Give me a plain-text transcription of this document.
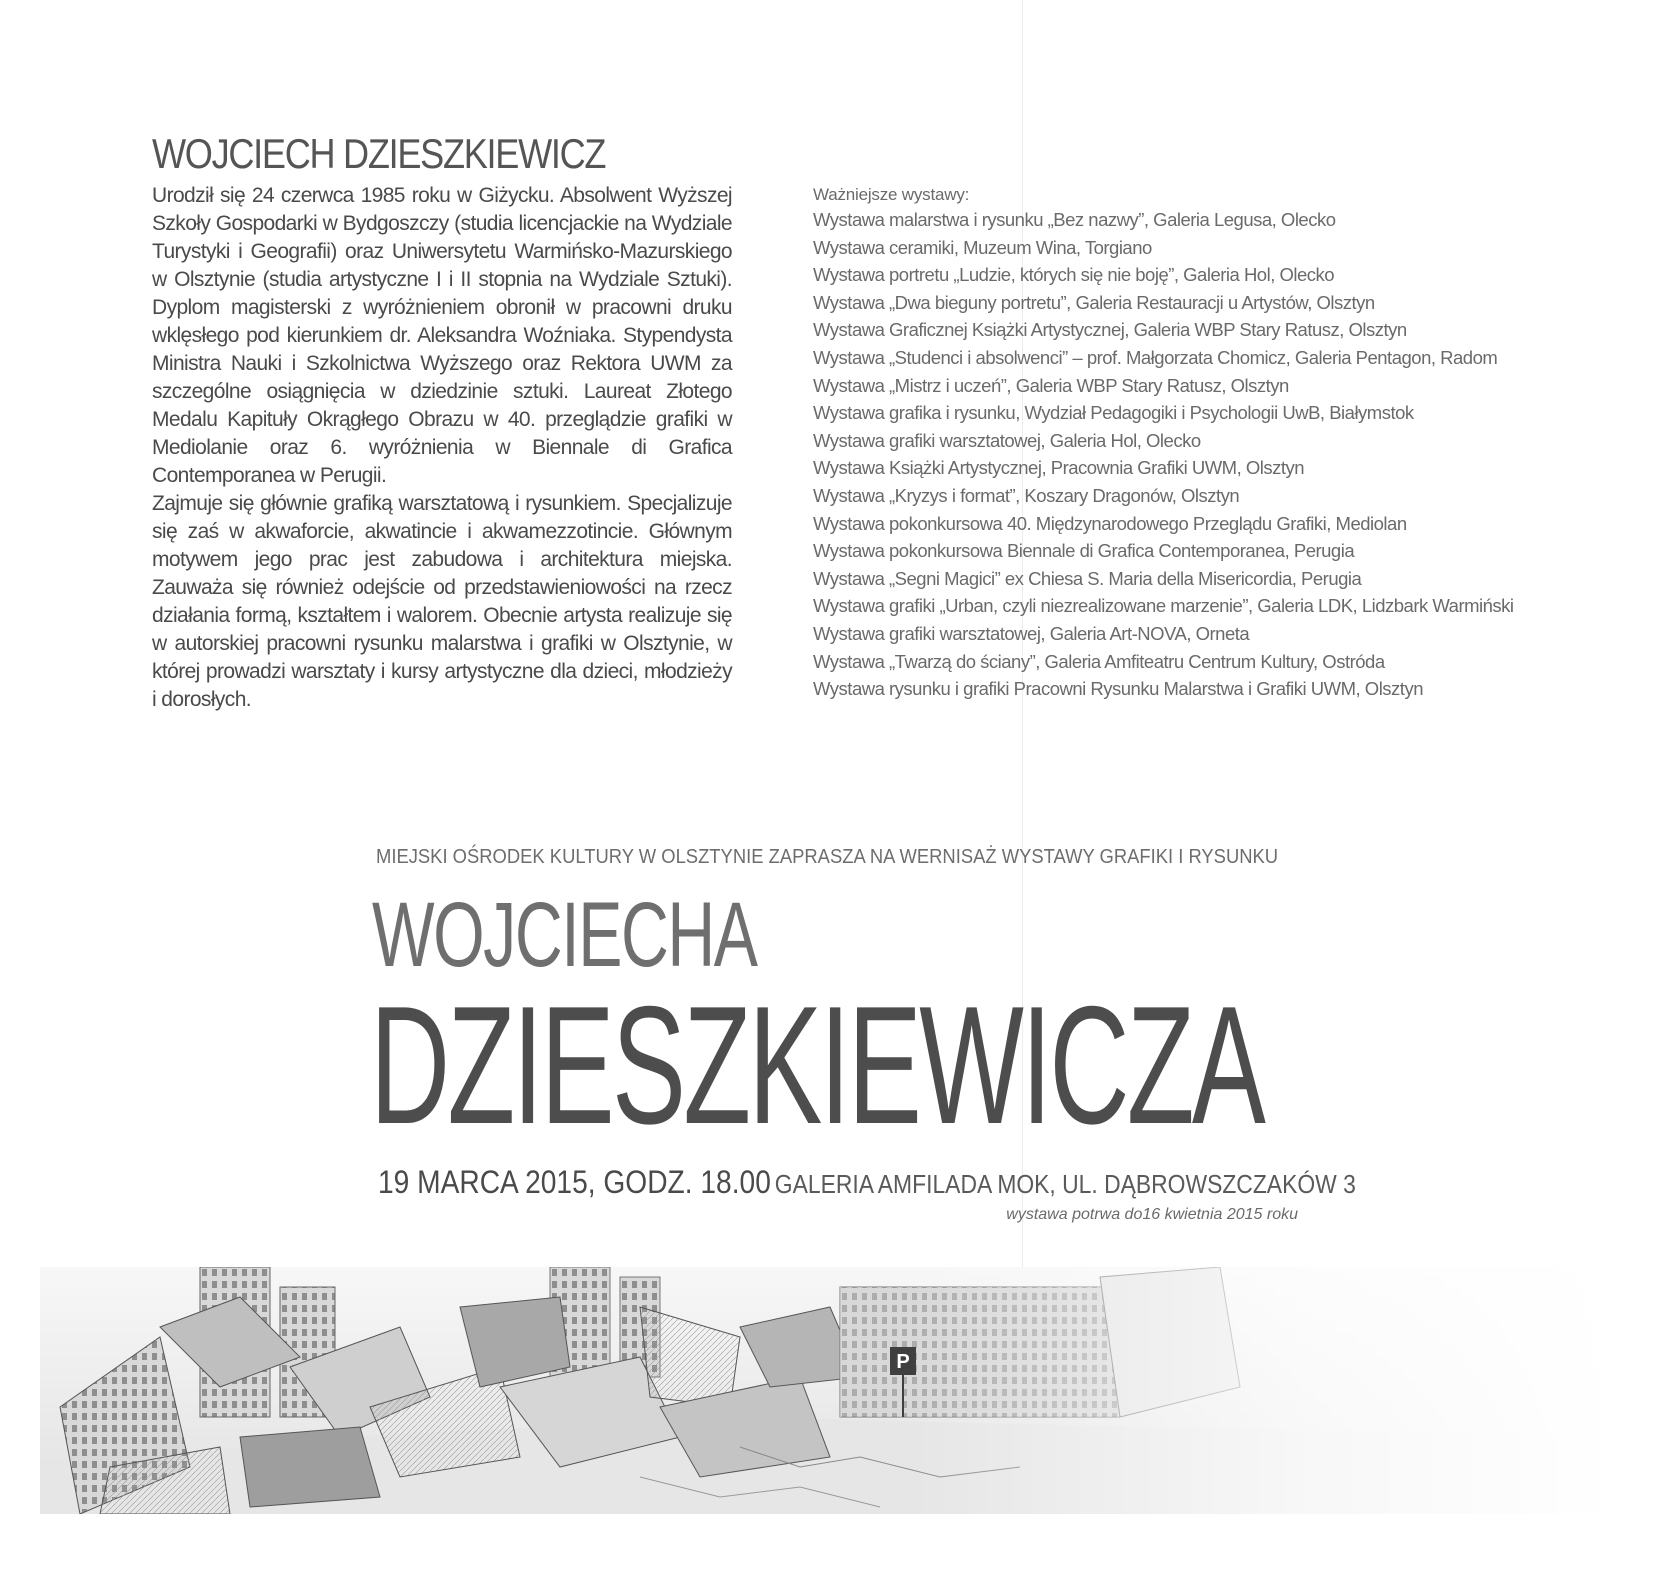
WOJCIECH DZIESZKIEWICZ

Urodził się 24 czerwca 1985 roku w Giżycku. Absolwent Wyższej Szkoły Gospodarki w Bydgoszczy (studia licencjackie na Wydziale Turystyki i Geografii) oraz Uniwersytetu Warmińsko-Mazurskiego w Olsztynie (studia artystyczne I i II stopnia na Wydziale Sztuki). Dyplom magisterski z wyróżnieniem obronił w pracowni druku wklęsłego pod kierunkiem dr. Aleksandra Woźniaka. Stypendysta Ministra Nauki i Szkolnictwa Wyższego oraz Rektora UWM za szczególne osiągnięcia w dziedzinie sztuki. Laureat Złotego Medalu Kapituły Okrągłego Obrazu w 40. przeglądzie grafiki w Mediolanie oraz 6. wyróżnienia w Biennale di Grafica Contemporanea w Perugii.

Zajmuje się głównie grafiką warsztatową i rysunkiem. Specjalizuje się zaś w akwaforcie, akwatincie i akwamezzotincie. Głównym motywem jego prac jest zabudowa i architektura miejska. Zauważa się również odejście od przedstawieniowości na rzecz działania formą, kształtem i walorem. Obecnie artysta realizuje się w autorskiej pracowni rysunku malarstwa i grafiki w Olsztynie, w której prowadzi warsztaty i kursy artystyczne dla dzieci, młodzieży i dorosłych.

Ważniejsze wystawy:
Wystawa malarstwa i rysunku „Bez nazwy”, Galeria Legusa, Olecko
Wystawa ceramiki, Muzeum Wina, Torgiano
Wystawa portretu „Ludzie, których się nie boję”, Galeria Hol, Olecko
Wystawa „Dwa bieguny portretu”, Galeria Restauracji u Artystów, Olsztyn
Wystawa Graficznej Książki Artystycznej, Galeria WBP Stary Ratusz, Olsztyn
Wystawa „Studenci i absolwenci” – prof. Małgorzata Chomicz, Galeria Pentagon, Radom
Wystawa „Mistrz i uczeń”, Galeria WBP Stary Ratusz, Olsztyn
Wystawa grafika i rysunku, Wydział Pedagogiki i Psychologii UwB, Białymstok
Wystawa grafiki warsztatowej, Galeria Hol, Olecko
Wystawa Książki Artystycznej, Pracownia Grafiki UWM, Olsztyn
Wystawa „Kryzys i format”, Koszary Dragonów, Olsztyn
Wystawa pokonkursowa 40. Międzynarodowego Przeglądu Grafiki, Mediolan
Wystawa pokonkursowa Biennale di Grafica Contemporanea, Perugia
Wystawa „Segni Magici” ex Chiesa S. Maria della Misericordia, Perugia
Wystawa grafiki „Urban, czyli niezrealizowane marzenie”, Galeria LDK, Lidzbark Warmiński
Wystawa grafiki warsztatowej, Galeria Art-NOVA, Orneta
Wystawa „Twarzą do ściany”, Galeria Amfiteatru Centrum Kultury, Ostróda
Wystawa rysunku i grafiki Pracowni Rysunku Malarstwa i Grafiki UWM, Olsztyn
MIEJSKI OŚRODEK KULTURY W OLSZTYNIE ZAPRASZA NA WERNISAŻ WYSTAWY GRAFIKI I RYSUNKU
WOJCIECHA
DZIESZKIEWICZA
19 MARCA 2015, GODZ. 18.00 GALERIA AMFILADA MOK, UL. DĄBROWSZCZAKÓW 3
wystawa potrwa do16 kwietnia 2015 roku
